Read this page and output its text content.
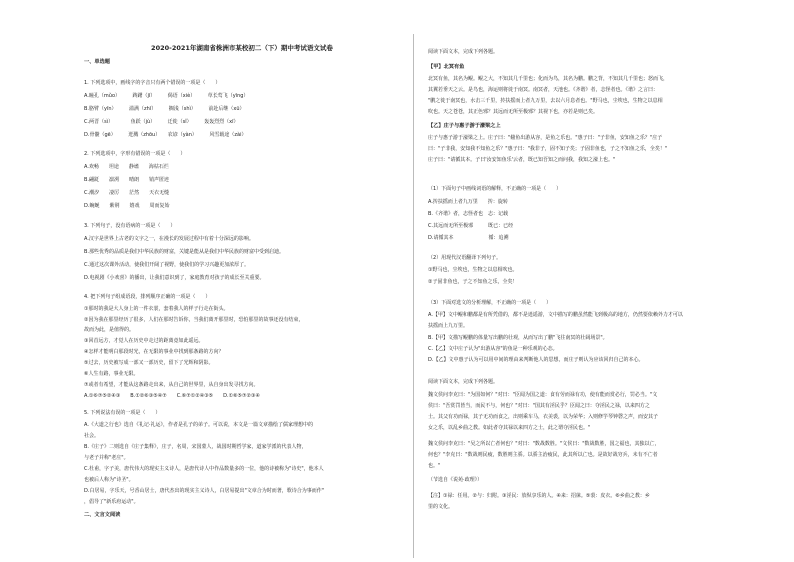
2020-2021年湖南省株洲市某校初二（下）期中考试语文试卷

一、单选题

1. 下列选项中，画线字的字音只有两个错误的一项是（　　）

A.瞳孔（mǔo）　　　踌躇（jī）　　　偈语（xiè）　　　草长莺飞（yīng）

B.胳臂（yīn）　　　溢满（zhī）　　　搁浅（shì）　　　前赴后继（xū）

C.两晋（sì）　　　　鱼跃（jù）　　　迁徙（sǐ）　　　轰轰烈烈（xī）

D.骨髓（gē）　　　迸溅（zhōu）　　农谚（yàn）　　　风雪载途（zài）

2. 下列选项中，字形有错误的一项是（　　）

A.欢畅　　坦途　　静谧　　海枯石烂

B.翩跹　　凛冽　　晴朗　　销声匿迹

C.潮汐　　凄厉　　茫然　　天衣无缝

D.蜿蜒　　紫荆　　嬉戏　　周而复始

3. 下列句子，没有语病的一项是（　　）

A.汉字是世界上古老的文字之一，在漫长的发展过程中有着十分深远的影响。

B.那些优秀的品质是我们中华民族的财富，关键是能从是我们中华民族的财富中受到启迪。

C.通过这次课外活动，使我们开阔了视野，使我们的学习兴趣更加浓厚了。

D.电视剧《小欢喜》的播出，让我们意识到了，家庭教育对孩子的成长至关重要。

4. 把下列句子组成语段，排列顺序正确的一项是（　　）

①那时的我是大人身上的一件衣裳，套着我人的样子行走在街头。

②因为我在那里经历了很多，人们在那时告诉你，当我们离开那里时，恐怕那里的故事还没有结束，

故而为此，是值得的。

③回首远方，才觉人在历史中走过的距离竟如此遥远。

④怎样才能明白那段时光，在无限的事业中找到那条路的方向？

⑤过去，历史被写成一部又一部历史，留下了光辉和阴影。

⑥人生有路，事业无限。

⑦或者有希望，才能从这条路走出来，从自己的世界里，从自身出发寻找方向。

A.①⑥⑦⑤②④③　　B.①②⑥③⑤④⑦　　C.⑥⑦①②④③⑤　　D.①⑥⑤⑦②③④

5. 下列说法有误的一项是（　　）

A.《大道之行也》选自《礼记·礼运》，作者是孔子的弟子。可以说，本文是一篇文章描绘了儒家理想中的

社会。

B.《庄子》二则选自《庄子集释》，庄子，名周，宋国蒙人，战国时期哲学家，道家学派的代表人物，

与老子并称"老庄"。

C.杜甫，字子美，唐代伟大的现实主义诗人，是唐代诗人中作品数量多的一位，他的诗被称为"诗史"，他本人

也被后人称为"诗圣"。

D.白居易，字乐天，号香山居士，唐代杰出的现实主义诗人，白居易提出"文章合为时而著，歌诗合为事而作"

，倡导了"新乐府运动"。

二、文言文阅读

阅读下面文本，完成下列各题。

【甲】北冥有鱼

北冥有鱼，其名为鲲。鲲之大，不知其几千里也；化而为鸟，其名为鹏。鹏之背，不知其几千里也；怒而飞，

其翼若垂天之云。是鸟也，海运则将徙于南冥。南冥者，天池也。《齐谐》者，志怪者也。《谐》之言曰：

"鹏之徙于南冥也，水击三千里，抟扶摇而上者九万里，去以六月息者也。"野马也，尘埃也，生物之以息相

吹也。天之苍苍，其正色邪？其远而无所至极邪？其视下也，亦若是则已矣。

【乙】庄子与惠子游于濠梁之上

庄子与惠子游于濠梁之上。庄子曰："鯈鱼出游从容，是鱼之乐也。"惠子曰："子非鱼，安知鱼之乐？"庄子

曰："子非我，安知我不知鱼之乐？"惠子曰："我非子，固不知子矣；子固非鱼也，子之不知鱼之乐，全矣！"

庄子曰："请循其本。子曰'汝安知鱼乐'云者，既已知吾知之而问我，我知之濠上也。"

（1）下面句子中画线词语的解释，不正确的一项是（　　）

A.抟扶摇而上者九万里　　抟：旋转

B.《齐谐》者，志怪者也　志：记载

C.其远而无所至极邪　　　既已：已经

D.请循其本　　　　　　　循：追溯

（2）用现代汉语翻译下列句子。

①野马也，尘埃也，生物之以息相吹也。

②子固非鱼也，子之不知鱼之乐，全矣！

（3）下面对选文的分析理解，不正确的一项是（　　）

A.【甲】文中鲲和鹏都是有所凭借的，都不是逍遥游，文中描写的鹏虽然能飞到极高的地方，仍然要依赖外力才可以

扶摇而上九万里。

B.【甲】文描写鲲鹏的体量写出鹏的壮观，从而写出了鹏"飞往南冥的壮阔场景"。

C.【乙】文中庄子认为"出游从容"的鱼是一种乐观的心态。

D.【乙】文中惠子认为可以用中间的理由来判断他人的思想，而庄子则认为应该回归自己的本心。

阅读下面文本，完成下列各题。

魏文侯问李克曰："为国如何？"对曰："臣闻为国之道：食有劳而禄有功，使有能而赏必行，罚必当。"文

侯曰："吾赏罚皆当，而民不与，何也？"对曰："国其有淫民乎？臣闻之曰：夺淫民之禄，以来四方之

士。其父有功而禄，其子无功而食之，出则乘车马，衣美裘，以为荣华；入则修竽琴钟磬之声，而安其子

女之乐，以乱乡曲之教。如此者夺其禄以来四方之士，此之谓夺淫民也。"

魏文侯问李克曰："吴之所以亡者何也？"对曰："数战数胜。"文侯曰："数战数胜，国之福也，其独以亡，

何也？"李克曰："数战则民疲，数胜则主骄。以骄主治疲民，此其所以亡也。是故好战穷兵，未有不亡者

也。"

（节选自《说苑·政理》）

【注】①禄：任用。②与：归附。③淫民：放纵享乐的人。④来：招徕。⑤裘：皮衣。⑥乡曲之教：乡

里的文化。
